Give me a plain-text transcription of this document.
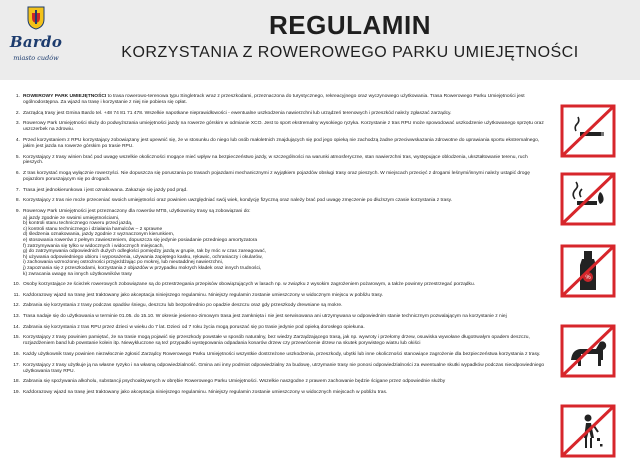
Bardo
miasto cudów
REGULAMIN
KORZYSTANIA Z ROWEROWEGO PARKU UMIEJĘTNOŚCI
1. ROWEROWY PARK UMIEJĘTNOŚCI to trasa rowerowo-terenowa typu Singletrack wraz z przeszkodami, przeznaczona do turystycznego, rekreacyjnego oraz wyczynowego użytkowania. Trasa Rowerowego Parku Umiejętności jest ogólnodostępna. Za wjazd na trasę i korzystanie z niej nie pobiera się opłat.
2. Zarządcą trasy jest Gmina Bardo tel. +48 74 81 71 478. Wszelkie napotkane nieprawidłowości - ewentualne uszkodzenia nawierzchni lub urządzeń terenowych i przeszkód należy zgłaszać zarządcy.
3. Rowerowy Park Umiejętności służy do podwyższania umiejętności jazdy na rowerze górskim w odmianie XCO. Jest to sport ekstremalny wysokiego ryzyka. Korzystanie z tras RPU może spowodować uszkodzenie użytkowanego sprzętu oraz uszczerbek na zdrowiu.
4. Przed korzystaniem z RPU korzystający zobowiązany jest upewnić się, że w stosunku do niego lub osób małoletnich znajdujących się pod jego opieką nie zachodzą żadne przeciwwskazania zdrowotne do uprawiania sportu ekstremalnego, jakim jest jazda na rowerze górskim po trasie RPU.
5. Korzystający z trasy winien brać pod uwagę wszelkie okoliczności mogące mieć wpływ na bezpieczeństwo jazdy, w szczególności na warunki atmosferyczne, stan nawierzchni tras, występujące oblodzenia, ukształtowanie terenu, ruch pieszych.
6. Z tras korzystać mogą wyłącznie rowerzyści. Nie dopuszcza się poruszania po trasach pojazdami mechanicznymi z wyjątkiem pojazdów obsługi trasy oraz pieszych. W miejscach przecięć z drogami leśnymi/innymi należy ustąpić drogę pojazdom poruszającym się po drogach.
7. Trasa jest jednokierunkowa i jest oznakowana. Zakazuje się jazdy pod prąd.
8. Korzystający z tras nie może przeceniać swoich umiejętności oraz powinien uwzględniać swój wiek, kondycję fizyczną oraz należy brać pod uwagę zmęczenie po dłuższym czasie korzystania z trasy.
9. Rowerowy Park Umiejętności jest przeznaczony dla rowerów MTB, użytkownicy trasy są zobowiązani do:
a) jazdy zgodnie ze swoimi umiejętnościami,
b) kontroli stanu technicznego roweru przed jazdą,
c) kontroli stanu technicznego i działania hamulców – 2 sprawne
d) śledzenia oznakowania, jazdy zgodnie z wyznaczonym kierunkiem,
e) stosowania rowerów z pełnym zawieszeniem, dopuszcza się jedynie posiadanie przedniego amortyzatora
f) zatrzymywania się tylko w widocznych i widocznych miejscach,
g) do zatrzymywania odpowiednich dużych odległości pomiędzy jazdą w grupie, tak by móc w czas zareagować,
h) używania odpowiedniego ubioru i wyposażenia, używania zapiętego kasku, rękawic, ochraniaczy i okularów,
i) zachowania wzmożonej ostrożności przyjeżdżając po mokrej, lub nieutaddnej nawierzchni,
j) zapoznania się z przeszkodami, korzystania z objazdów w przypadku mokrych kładek oraz innych trudności,
k) zwracania uwagę na innych użytkowników trasy
10. Osoby korzystające ze ścieżek rowerowych zobowiązane są do przestrzegania przepisów obowiązujących w lasach np. w związku z wysokim zagrożeniem pożarowym, a także powinny przestrzegać porządku.
11. Kaźdorazowy wjazd na trasę jest traktowany jako akceptacja niniejszego regulaminu. Niniejszy regulamin zostanie umieszczony w widocznym miejscu w pobliżu trasy.
12. Zabrania się korzystania z trasy podczas opadów śniegu, deszczu lub bezpośrednio po opadzie deszczu oraz gdy przeszkody drewniane są mokre.
13. Trasa nadaje się do użytkowania w terminie 01.05. do 15.10. W okresie jesienno-zimowym trasa jest zamknięta i nie jest serwisowana ani utrzymywana w odpowiednim stanie technicznym pozwalającym na korzystanie z niej
14. Zabrania się korzystania z tras RPU przez dzieci w wieku do 7 lat. Dzieci od 7 roku życia mogą poruszać się po trasie jedynie pod opieką dorosłego opiekuna.
15. Korzystający z trasy powinien pamiętać, że na trasie mogą pojawić się przeszkody powstałe w sposób naturalny, bez wiedzy Zarządzającego trasą, jak np. wywroty i przełomy drzew, osuwiska wywołane długotrwałym opadem deszczu, rozjazdżeniem band lub powstanie kolein itp. Niewykluczone są też przypadki występowania odpadania konarów drzew czy przewrócenie drzew na skutek porywistego wiatru lub okiści
16. Każdy użytkownik trasy powinien niezwłocznie zgłosić Zarządcy Rowerowego Parku Umiejętności wszystkie dostrzeżone uszkodzenia, przeszkody, ubytki lub inne okoliczności stanowiące zagrożenie dla bezpieczeństwa korzystania z trasy.
17. Korzystający z trasy użytkuje ją na własne ryzyko i na własną odpowiedzialność. Gmina ani inny podmiot odpowiedzialny za budowę, utrzymanie trasy nie ponosi odpowiedzialności za ewentualne skutki wypadków podczas nieodpowiedniego użytkowania trasy RPU.
18. Zabrania się spożywania alkoholu, substancji psychoaktywnych w obrębie Rowerowego Parku Umiejętności. Wszelkie naszgodne z prawem zachowanie będzie ścigane przez odpowiednie służby
19. Kaźdorazowy wjazd na trasę jest traktowany jako akceptacja niniejszego regulaminu. Niniejszy regulamin zostanie umieszczony w widocznych miejscach w pobliżu tras.
%
